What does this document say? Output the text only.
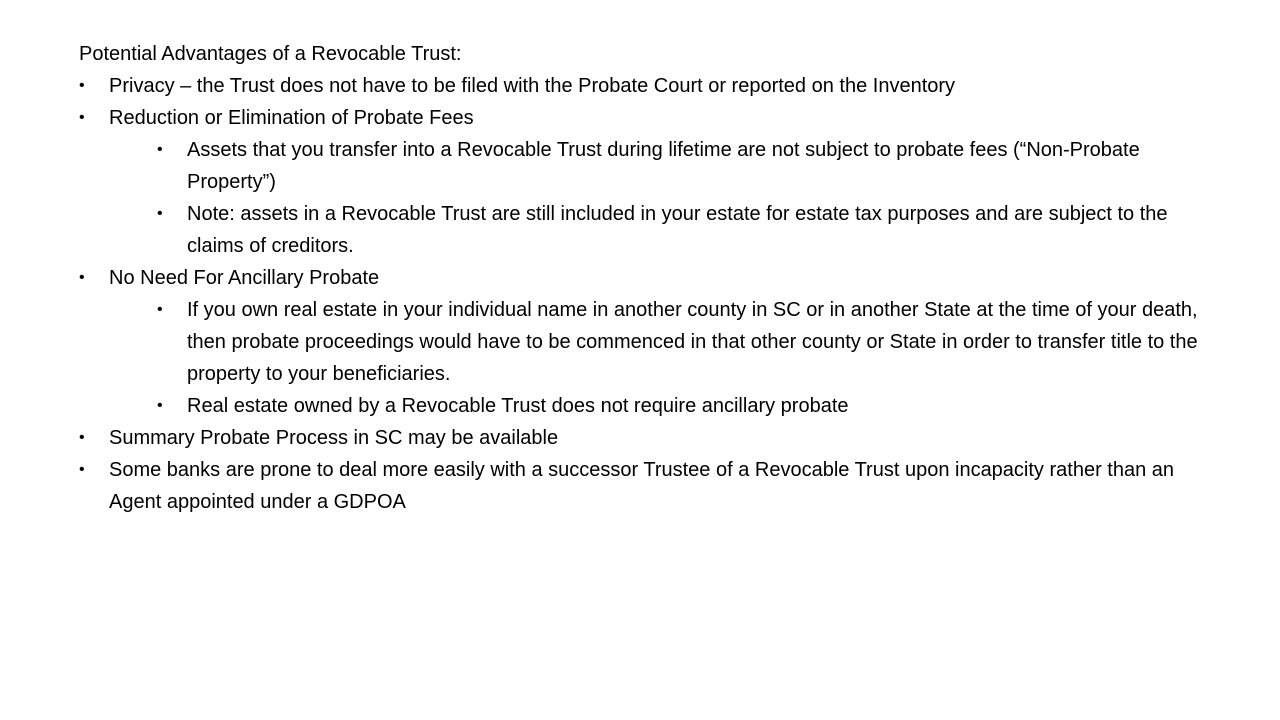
Potential Advantages of a Revocable Trust:

• Privacy – the Trust does not have to be filed with the Probate Court or reported on the Inventory
• Reduction or Elimination of Probate Fees
• Assets that you transfer into a Revocable Trust during lifetime are not subject to probate fees (“Non-Probate Property”)
• Note: assets in a Revocable Trust are still included in your estate for estate tax purposes and are subject to the claims of creditors.
• No Need For Ancillary Probate
• If you own real estate in your individual name in another county in SC or in another State at the time of your death, then probate proceedings would have to be commenced in that other county or State in order to transfer title to the property to your beneficiaries.
• Real estate owned by a Revocable Trust does not require ancillary probate
• Summary Probate Process in SC may be available
• Some banks are prone to deal more easily with a successor Trustee of a Revocable Trust upon incapacity rather than an Agent appointed under a GDPOA
